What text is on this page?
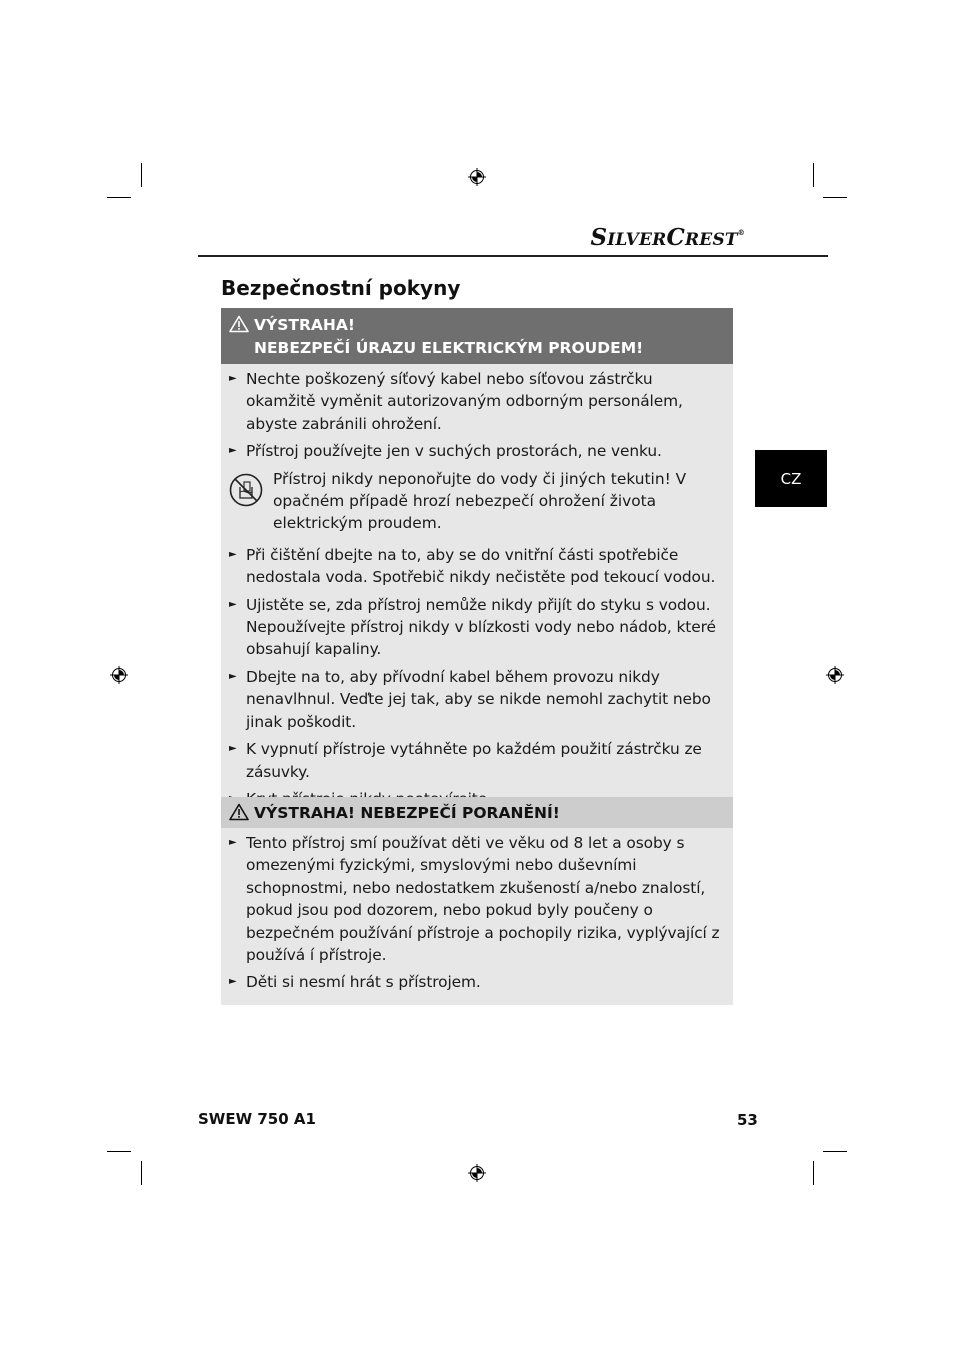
SILVERCREST®
Bezpečnostní pokyny
CZ
VÝSTRAHA!
NEBEZPEČÍ ÚRAZU ELEKTRICKÝM PROUDEM!
► Nechte poškozený síťový kabel nebo síťovou zástrčku okamžitě vyměnit autorizovaným odborným personálem, abyste zabránili ohrožení.
► Přístroj používejte jen v suchých prostorách, ne venku.
Přístroj nikdy neponořujte do vody či jiných tekutin! V opačném případě hrozí nebezpečí ohrožení života elektrickým proudem.
► Při čištění dbejte na to, aby se do vnitřní části spotřebiče nedostala voda. Spotřebič nikdy nečistěte pod tekoucí vodou.
► Ujistěte se, zda přístroj nemůže nikdy přijít do styku s vodou. Nepoužívejte přístroj nikdy v blízkosti vody nebo nádob, které obsahují kapaliny.
► Dbejte na to, aby přívodní kabel během provozu nikdy nenavlhnul. Veďte jej tak, aby se nikde nemohl zachytit nebo jinak poškodit.
► K vypnutí přístroje vytáhněte po každém použití zástrčku ze zásuvky.
VÝSTRAHA! NEBEZPEČÍ PORANĚNÍ!
► Tento přístroj smí používat děti ve věku od 8 let a osoby s omezenými fyzickými, smyslovými nebo duševními schopnostmi, nebo nedostatkem zkušeností a/nebo znalostí, pokud jsou pod dozorem, nebo pokud byly poučeny o bezpečném používání přístroje a pochopily rizika, vyplývající z používá í přístroje.
► Děti si nesmí hrát s přístrojem.
SWEW 750 A1	53
